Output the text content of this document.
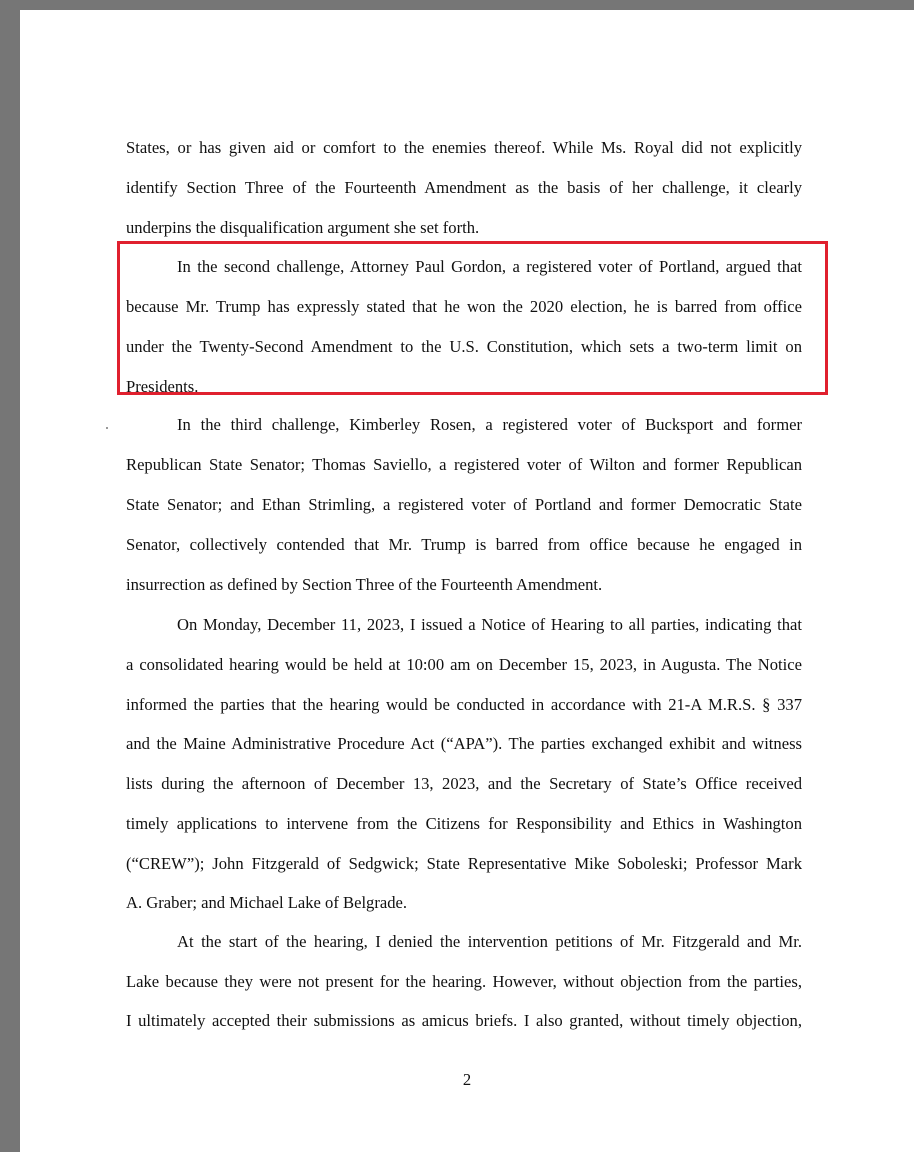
States, or has given aid or comfort to the enemies thereof. While Ms. Royal did not explicitly
identify Section Three of the Fourteenth Amendment as the basis of her challenge, it clearly
underpins the disqualification argument she set forth.
In the second challenge, Attorney Paul Gordon, a registered voter of Portland, argued that
because Mr. Trump has expressly stated that he won the 2020 election, he is barred from office
under the Twenty-Second Amendment to the U.S. Constitution, which sets a two-term limit on
Presidents.
In the third challenge, Kimberley Rosen, a registered voter of Bucksport and former
Republican State Senator; Thomas Saviello, a registered voter of Wilton and former Republican
State Senator; and Ethan Strimling, a registered voter of Portland and former Democratic State
Senator, collectively contended that Mr. Trump is barred from office because he engaged in
insurrection as defined by Section Three of the Fourteenth Amendment.
On Monday, December 11, 2023, I issued a Notice of Hearing to all parties, indicating that
a consolidated hearing would be held at 10:00 am on December 15, 2023, in Augusta. The Notice
informed the parties that the hearing would be conducted in accordance with 21-A M.R.S. § 337
and the Maine Administrative Procedure Act (“APA”). The parties exchanged exhibit and witness
lists during the afternoon of December 13, 2023, and the Secretary of State’s Office received
timely applications to intervene from the Citizens for Responsibility and Ethics in Washington
(“CREW”); John Fitzgerald of Sedgwick; State Representative Mike Soboleski; Professor Mark
A. Graber; and Michael Lake of Belgrade.
At the start of the hearing, I denied the intervention petitions of Mr. Fitzgerald and Mr.
Lake because they were not present for the hearing. However, without objection from the parties,
I ultimately accepted their submissions as amicus briefs. I also granted, without timely objection,
2
